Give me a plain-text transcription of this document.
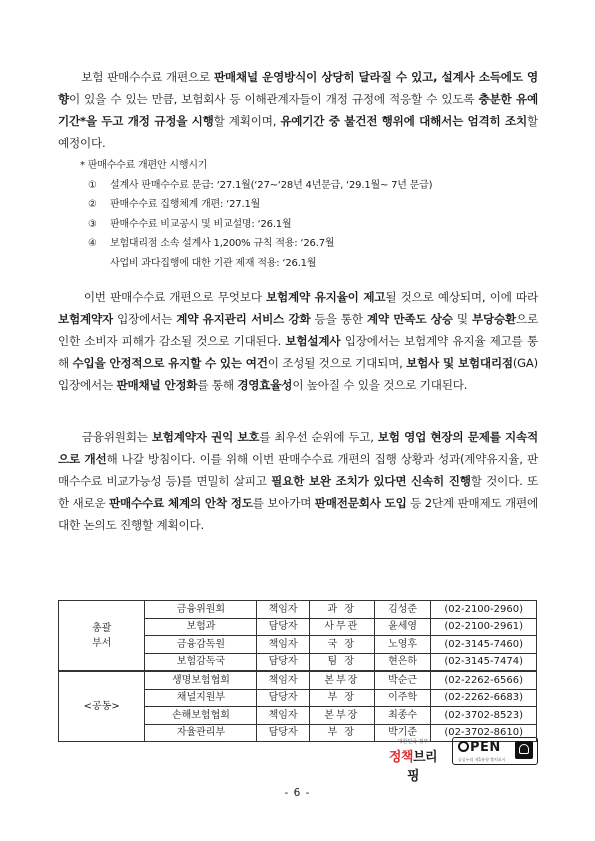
보험 판매수수료 개편으로 판매채널 운영방식이 상당히 달라질 수 있고, 설계사 소득에도 영향이 있을 수 있는 만큼, 보험회사 등 이해관계자들이 개정 규정에 적응할 수 있도록 충분한 유예기간*을 두고 개정 규정을 시행할 계획이며, 유예기간 중 불건전 행위에 대해서는 엄격히 조치할 예정이다.
* 판매수수료 개편안 시행시기
①	설계사 판매수수료 문급: ‘27.1월(‘27~‘28년 4년문급, ‘29.1월~ 7년 문급)
②	판매수수료 집행체계 개편: ‘27.1월
③	판매수수료 비교공시 및 비교설명: ‘26.1월
④	보험대리점 소속 설계사 1,200% 규칙 적용: ‘26.7월
사업비 과다집행에 대한 기관 제재 적용: ‘26.1월
이번 판매수수료 개편으로 무엇보다 보험계약 유지율이 제고될 것으로 예상되며, 이에 따라 보험계약자 입장에서는 계약 유지관리 서비스 강화 등을 통한 계약 만족도 상승 및 부당승환으로 인한 소비자 피해가 감소될 것으로 기대된다. 보험설계사 입장에서는 보험계약 유지율 제고를 통해 수입을 안정적으로 유지할 수 있는 여건이 조성될 것으로 기대되며, 보험사 및 보험대리점(GA) 입장에서는 판매채널 안정화를 통해 경영효율성이 높아질 수 있을 것으로 기대된다.
금융위원회는 보험계약자 권익 보호를 최우선 순위에 두고, 보험 영업 현장의 문제를 지속적으로 개선해 나갈 방침이다. 이를 위해 이번 판매수수료 개편의 집행 상황과 성과(계약유지율, 판매수수료 비교가능성 등)를 면밀히 살피고 필요한 보완 조치가 있다면 신속히 진행할 것이다. 또한 새로운 판매수수료 체계의 안착 정도를 보아가며 판매전문회사 도입 등 2단계 판매제도 개편에 대한 논의도 진행할 계획이다.
총괄
부서	금융위원회	책임자	과 장	김성준	(02-2100-2960)
	보험과	담당자	사무관	윤세영	(02-2100-2961)
	금융감독원	책임자	국 장	노영후	(02-3145-7460)
	보험감독국	담당자	팀 장	현은하	(02-3145-7474)
<공동>	생명보험협회	책임자	본부장	박순근	(02-2262-6566)
	채널지원부	담당자	부 장	이주학	(02-2262-6683)
	손해보험협회	책임자	본부장	최종수	(02-3702-8523)
	자율관리부	담당자	부 장	박기준	(02-3702-8610)
대한민국 정부
정책브리핑
PEN
공공누리 제1유형 출처표시
- 6 -
